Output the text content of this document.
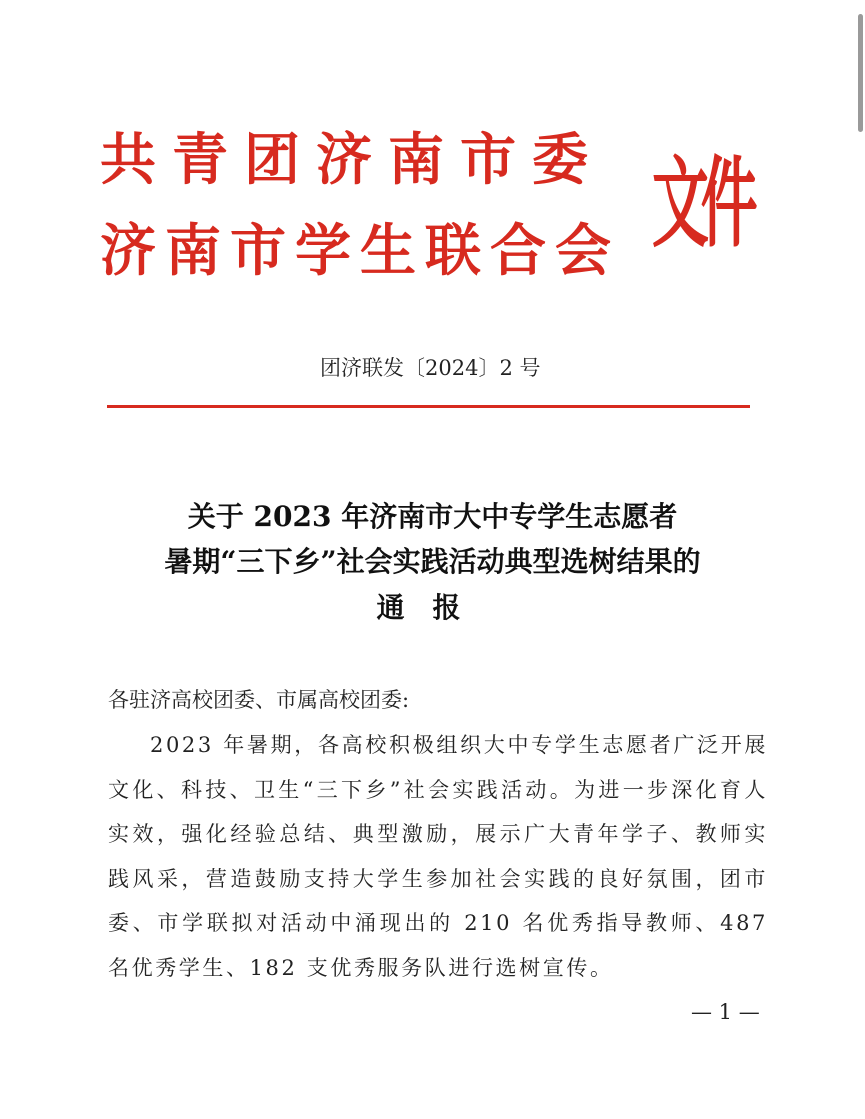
共青团济南市委
济南市学生联合会 文件
团济联发〔2024〕2 号
关于 2023 年济南市大中专学生志愿者
暑期“三下乡”社会实践活动典型选树结果的
通报
各驻济高校团委、市属高校团委:
2023 年暑期，各高校积极组织大中专学生志愿者广泛开展文化、科技、卫生“三下乡”社会实践活动。为进一步深化育人实效，强化经验总结、典型激励，展示广大青年学子、教师实践风采，营造鼓励支持大学生参加社会实践的良好氛围，团市委、市学联拟对活动中涌现出的 210 名优秀指导教师、487 名优秀学生、182 支优秀服务队进行选树宣传。
— 1 —
